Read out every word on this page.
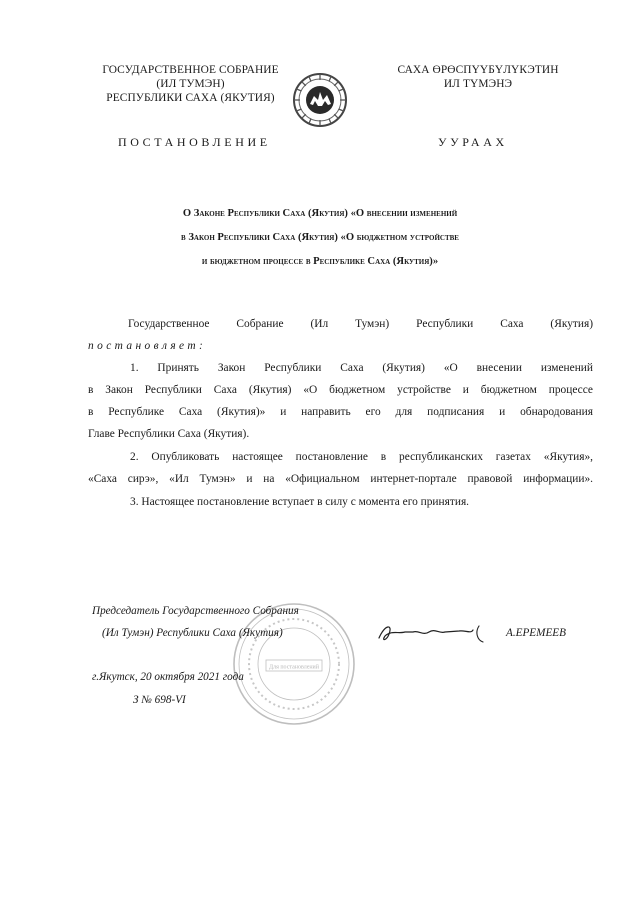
ГОСУДАРСТВЕННОЕ СОБРАНИЕ
(ИЛ ТУМЭН)
РЕСПУБЛИКИ САХА (ЯКУТИЯ)
САХА ӨРӨСПҮҮБҮЛҮКЭТИН
ИЛ ТҮМЭНЭ
ПОСТАНОВЛЕНИЕ	УУРААХ
О Законе Республики Саха (Якутия) «О внесении изменений
в Закон Республики Саха (Якутия) «О бюджетном устройстве
и бюджетном процессе в Республике Саха (Якутия)»
Государственное Собрание (Ил Тумэн) Республики Саха (Якутия)
постановляет:
1. Принять Закон Республики Саха (Якутия) «О внесении изменений
в Закон Республики Саха (Якутия) «О бюджетном устройстве и бюджетном процессе
в Республике Саха (Якутия)» и направить его для подписания и обнародования
Главе Республики Саха (Якутия).
2. Опубликовать настоящее постановление в республиканских газетах «Якутия»,
«Саха сирэ», «Ил Тумэн» и на «Официальном интернет-портале правовой информации».
3. Настоящее постановление вступает в силу с момента его принятия.
Для постановлений
Председатель Государственного Собрания
(Ил Тумэн) Республики Саха (Якутия)	А.ЕРЕМЕЕВ
г.Якутск, 20 октября 2021 года
З № 698-VI
